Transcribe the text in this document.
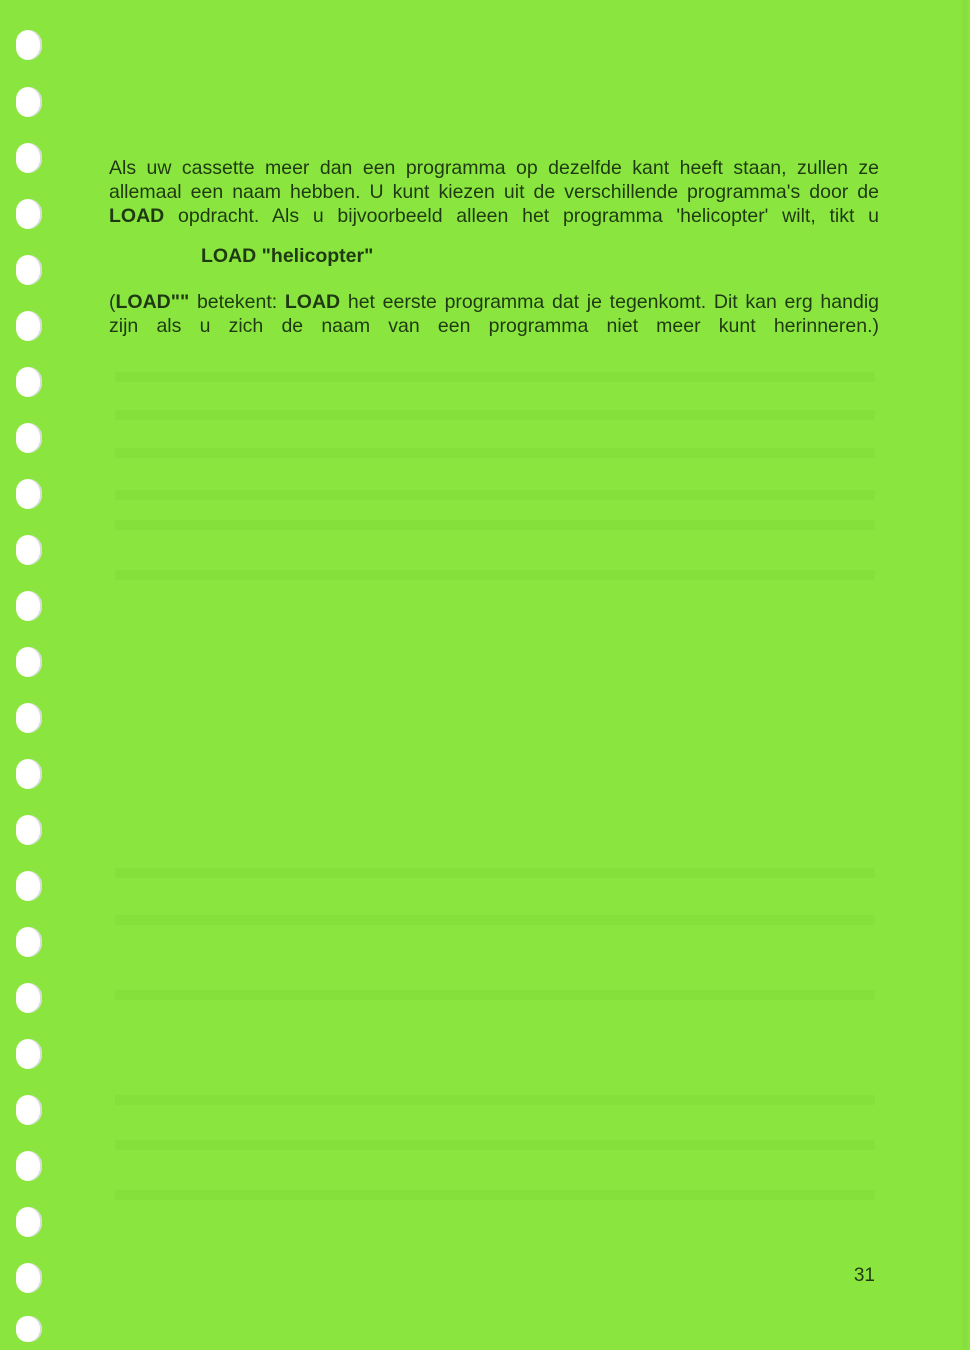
Als uw cassette meer dan een programma op dezelfde kant heeft staan, zullen ze allemaal een naam hebben. U kunt kiezen uit de verschillende programma's door de
LOAD opdracht. Als u bijvoorbeeld alleen het programma 'helicopter' wilt, tikt u

LOAD "helicopter"

(LOAD"" betekent: LOAD het eerste programma dat je tegenkomt. Dit kan erg handig
zijn als u zich de naam van een programma niet meer kunt herinneren.)

31
